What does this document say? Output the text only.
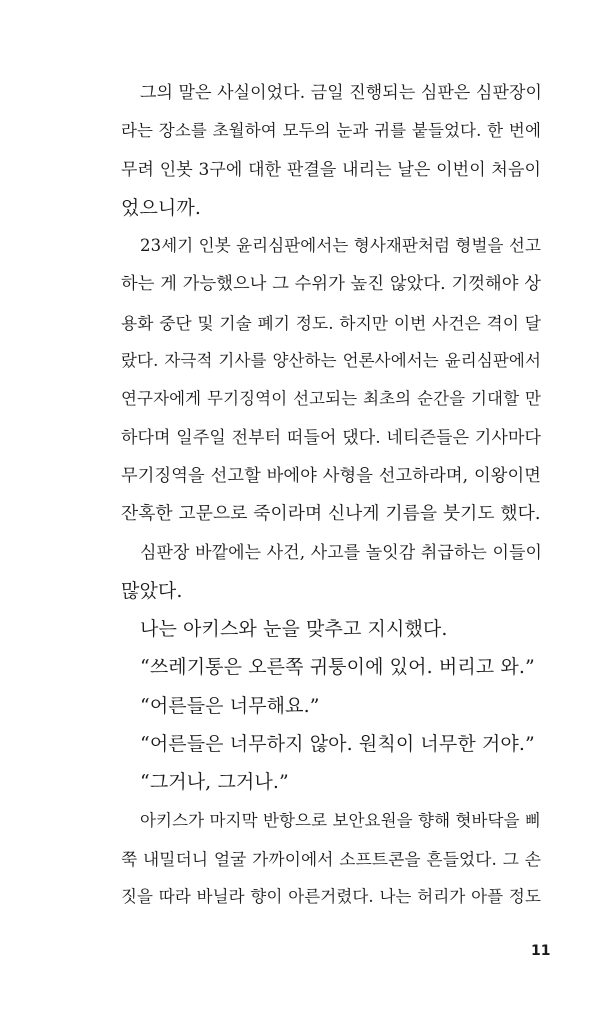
그의 말은 사실이었다. 금일 진행되는 심판은 심판장이
라는 장소를 초월하여 모두의 눈과 귀를 붙들었다. 한 번에
무려 인봇 3구에 대한 판결을 내리는 날은 이번이 처음이
었으니까.
23세기 인봇 윤리심판에서는 형사재판처럼 형벌을 선고
하는 게 가능했으나 그 수위가 높진 않았다. 기껏해야 상
용화 중단 및 기술 폐기 정도. 하지만 이번 사건은 격이 달
랐다. 자극적 기사를 양산하는 언론사에서는 윤리심판에서
연구자에게 무기징역이 선고되는 최초의 순간을 기대할 만
하다며 일주일 전부터 떠들어 댔다. 네티즌들은 기사마다
무기징역을 선고할 바에야 사형을 선고하라며, 이왕이면
잔혹한 고문으로 죽이라며 신나게 기름을 붓기도 했다.
심판장 바깥에는 사건, 사고를 놀잇감 취급하는 이들이
많았다.
나는 아키스와 눈을 맞추고 지시했다.
“쓰레기통은 오른쪽 귀퉁이에 있어. 버리고 와.”
“어른들은 너무해요.”
“어른들은 너무하지 않아. 원칙이 너무한 거야.”
“그거나, 그거나.”
아키스가 마지막 반항으로 보안요원을 향해 혓바닥을 삐
쭉 내밀더니 얼굴 가까이에서 소프트콘을 흔들었다. 그 손
짓을 따라 바닐라 향이 아른거렸다. 나는 허리가 아플 정도
11
